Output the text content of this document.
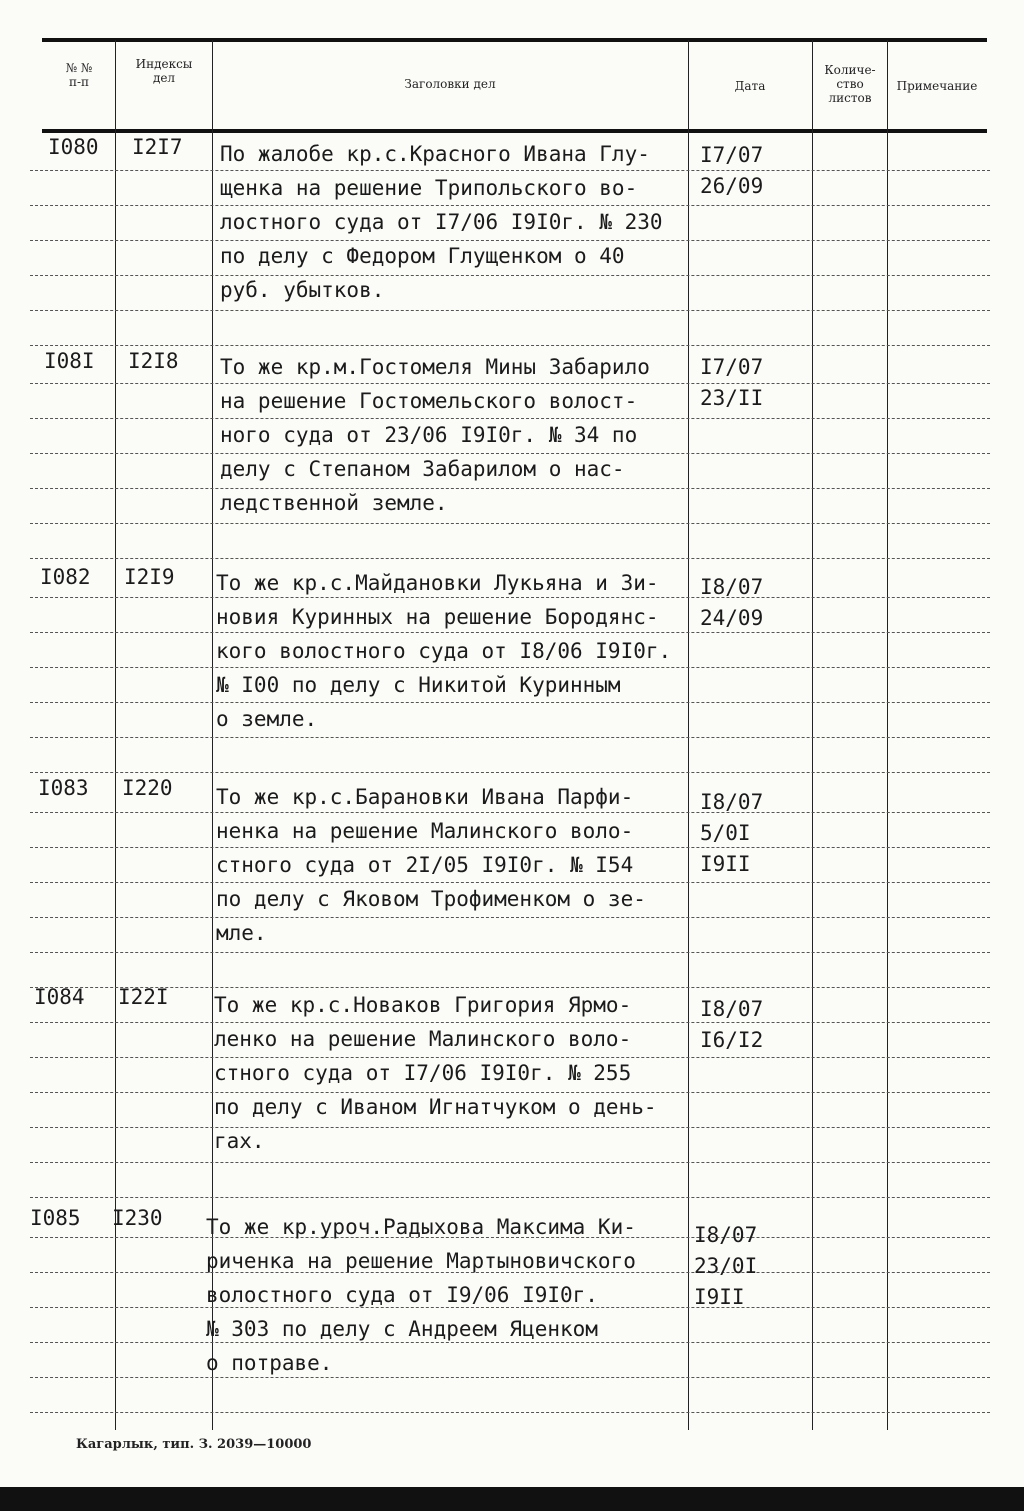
№ №
п-п
Индексы
дел	Заголовки дел	Дата
Количе-
ство
листов
Примечание
I080 I2I7 По жалобе кр.с.Красного Ивана Глу-
щенка на решение Трипольского во-
лостного суда от I7/06 I9I0г. № 230
по делу с Федором Глущенком о 40
руб. убытков.
I7/07
26/09
I08I I2I8 То же кр.м.Гостомеля Мины Забарило
на решение Гостомельского волост-
ного суда от 23/06 I9I0г. № 34 по
делу с Степаном Забарилом о нас-
ледственной земле.
I7/07
23/II
I082 I2I9 То же кр.с.Майдановки Лукьяна и Зи-
новия Куринных на решение Бородянс-
кого волостного суда от I8/06 I9I0г.
№ I00 по делу с Никитой Куринным
о земле.
I8/07
24/09
I083 I220 То же кр.с.Барановки Ивана Парфи-
ненка на решение Малинского воло-
стного суда от 2I/05 I9I0г. № I54
по делу с Яковом Трофименком о зе-
мле.
I8/07
5/0I
I9II
I084 I22I То же кр.с.Новаков Григория Ярмо-
ленко на решение Малинского воло-
стного суда от I7/06 I9I0г. № 255
по делу с Иваном Игнатчуком о день-
гах.
I8/07
I6/I2
I085 I230 То же кр.уроч.Радыхова Максима Ки-
риченка на решение Мартыновичского
волостного суда от I9/06 I9I0г.
№ 303 по делу с Андреем Яценком
о потраве.
I8/07
23/0I
I9II
Кагарлык, тип. З. 2039—10000
